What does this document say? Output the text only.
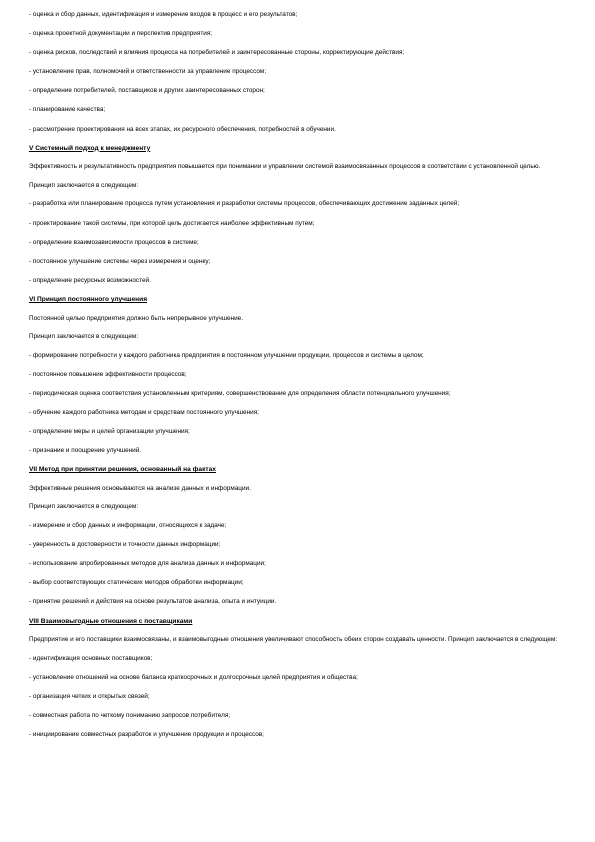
- оценка и сбор данных, идентификация и измерение входов в процесс и его результатов;

- оценка проектной документации и перспектив предприятия;

- оценка рисков, последствий и влияния процесса на потребителей и заинтересованные стороны, корректирующие действия;

- установление прав, полномочий и ответственности за управление процессом;

- определение потребителей, поставщиков и других заинтересованных сторон;

- планирование качества;

- рассмотрение проектирования на всех этапах, их ресурсного обеспечения, потребностей в обучении.

V Системный подход к менеджменту

Эффективность и результативность предприятия повышается при понимании и управлении системой взаимосвязанных процессов в соответствии с установленной целью.

Принцип заключается в следующем:

- разработка или планирование процесса путем установления и разработки системы процессов, обеспечивающих достижение заданных целей;

- проектирование такой системы, при которой цель достигается наиболее эффективным путем;

- определение взаимозависимости процессов в системе;

- постоянное улучшение системы через измерения и оценку;

- определение ресурсных возможностей.

VI Принцип постоянного улучшения

Постоянной целью предприятия должно быть непрерывное улучшение.

Принцип заключается в следующем:

- формирование потребности у каждого работника предприятия в постоянном улучшении продукции, процессов и системы в целом;

- постоянное повышение эффективности процессов;

- периодическая оценка соответствия установленным критериям, совершенствование для определения области потенциального улучшения;

- обучение каждого работника методам и средствам постоянного улучшения;

- определение меры и целей организации улучшения;

- признание и поощрение улучшений.

VII Метод при принятии решения, основанный на фактах

Эффективные решения основываются на анализе данных и информации.

Принцип заключается в следующем:

- измерение и сбор данных и информации, относящихся к задаче;

- уверенность в достоверности и точности данных информации;

- использование апробированных методов для анализа данных и информации;

- выбор соответствующих статических методов обработки информации;

- принятие решений и действия на основе результатов анализа, опыта и интуиции.

VIII Взаимовыгодные отношения с поставщиками

Предприятие и его поставщики взаимосвязаны, и взаимовыгодные отношения увеличивают способность обеих сторон создавать ценности. Принцип заключается в следующем:

- идентификация основных поставщиков;

- установление отношений на основе баланса краткосрочных и долгосрочных целей предприятия и общества;

- организация четких и открытых связей;

- совместная работа по четкому пониманию запросов потребителя;

- инициирование совместных разработок и улучшение продукции и процессов;
